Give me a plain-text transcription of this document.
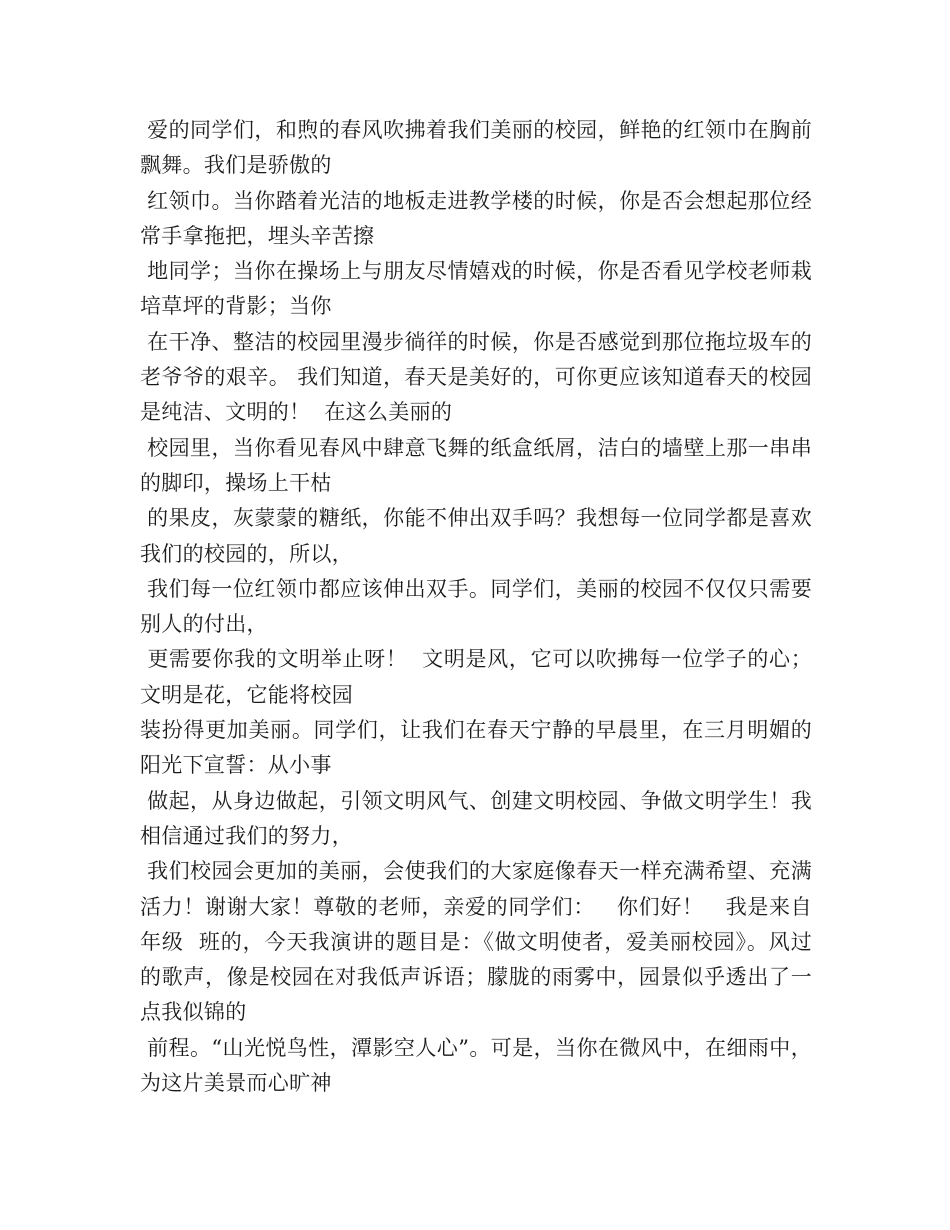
爱的同学们，和煦的春风吹拂着我们美丽的校园，鲜艳的红领巾在胸前飘舞。我们是骄傲的

红领巾。当你踏着光洁的地板走进教学楼的时候，你是否会想起那位经常手拿拖把，埋头辛苦擦

地同学；当你在操场上与朋友尽情嬉戏的时候，你是否看见学校老师栽培草坪的背影；当你

在干净、整洁的校园里漫步徜徉的时候，你是否感觉到那位拖垃圾车的老爷爷的艰辛。 我们知道，春天是美好的，可你更应该知道春天的校园是纯洁、文明的！  在这么美丽的

校园里，当你看见春风中肆意飞舞的纸盒纸屑，洁白的墙壁上那一串串的脚印，操场上干枯

的果皮，灰蒙蒙的糖纸，你能不伸出双手吗？我想每一位同学都是喜欢我们的校园的，所以，

我们每一位红领巾都应该伸出双手。同学们，美丽的校园不仅仅只需要别人的付出，

更需要你我的文明举止呀！  文明是风，它可以吹拂每一位学子的心；文明是花，它能将校园

装扮得更加美丽。同学们，让我们在春天宁静的早晨里，在三月明媚的阳光下宣誓：从小事

做起，从身边做起，引领文明风气、创建文明校园、争做文明学生！我相信通过我们的努力，

我们校园会更加的美丽，会使我们的大家庭像春天一样充满希望、充满活力！谢谢大家！尊敬的老师，亲爱的同学们：   你们好！   我是来自年级  班的，今天我演讲的题目是：《做文明使者，爱美丽校园》。风过的歌声，像是校园在对我低声诉语；朦胧的雨雾中，园景似乎透出了一点我似锦的

前程。“山光悦鸟性，潭影空人心”。可是，当你在微风中，在细雨中，为这片美景而心旷神
